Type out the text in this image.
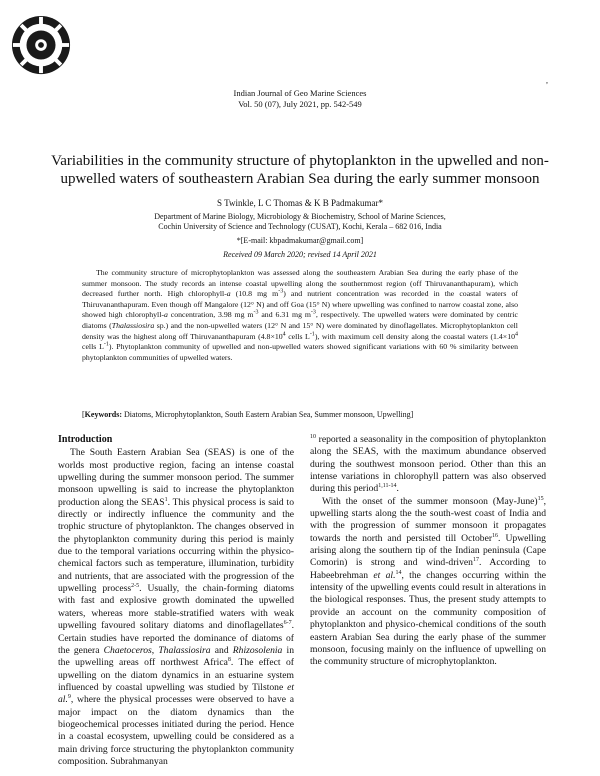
,
Indian Journal of Geo Marine Sciences
Vol. 50 (07), July 2021, pp. 542-549
Variabilities in the community structure of phytoplankton in the upwelled and non-upwelled waters of southeastern Arabian Sea during the early summer monsoon
S Twinkle, L C Thomas & K B Padmakumar*
Department of Marine Biology, Microbiology & Biochemistry, School of Marine Sciences,
Cochin University of Science and Technology (CUSAT), Kochi, Kerala – 682 016, India
*[E-mail: kbpadmakumar@gmail.com]
Received 09 March 2020; revised 14 April 2021
The community structure of microphytoplankton was assessed along the southeastern Arabian Sea during the early phase of the summer monsoon. The study records an intense coastal upwelling along the southernmost region (off Thiruvananthapuram), which decreased further north. High chlorophyll-a (10.8 mg $m^{-3}$) and nutrient concentration was recorded in the coastal waters of Thiruvananthapuram. Even though off Mangalore (12° N) and off Goa (15° N) where upwelling was confined to narrow coastal zone, also showed high chlorophyll-a concentration, 3.98 mg $m^{-3}$ and 6.31 mg $m^{-3}$, respectively. The upwelled waters were dominated by centric diatoms (Thalassiosira sp.) and the non-upwelled waters (12° N and 15° N) were dominated by dinoflagellates. Microphytoplankton cell density was the highest along off Thiruvananthapuram ($4.8\times 10^4$ cells $L^{-1}$), with maximum cell density along the coastal waters ($1.4\times 10^4$ cells $L^{-1}$). Phytoplankton community of upwelled and non-upwelled waters showed significant variations with 60 % similarity between phytoplankton communities of upwelled waters.
[Keywords: Diatoms, Microphytoplankton, South Eastern Arabian Sea, Summer monsoon, Upwelling]
Introduction

The South Eastern Arabian Sea (SEAS) is one of the worlds most productive region, facing an intense coastal upwelling during the summer monsoon period. The summer monsoon upwelling is said to increase the phytoplankton production along the SEAS$^1$. This physical process is said to directly or indirectly influence the community and the trophic structure of phytoplankton. The changes observed in the phytoplankton community during this period is mainly due to the temporal variations occurring within the physico-chemical factors such as temperature, illumination, turbidity and nutrients, that are associated with the progression of the upwelling process$^{2-5}$. Usually, the chain-forming diatoms with fast and explosive growth dominated the upwelled waters, whereas more stable-stratified waters with weak upwelling favoured solitary diatoms and dinoflagellates$^{6-7}$. Certain studies have reported the dominance of diatoms of the genera Chaetoceros, Thalassiosira and Rhizosolenia in the upwelling areas off northwest Africa$^8$. The effect of upwelling on the diatom dynamics in an estuarine system influenced by coastal upwelling was studied by Tilstone et al.$^9$, where the physical processes were observed to have a major impact on the diatom dynamics than the biogeochemical processes initiated during the period. Hence in a coastal ecosystem, upwelling could be considered as a main driving force structuring the phytoplankton community composition. Subrahmanyan

$^{10}$ reported a seasonality in the composition of phytoplankton along the SEAS, with the maximum abundance observed during the southwest monsoon period. Other than this an intense variations in chlorophyll pattern was also observed during this period$^{1,11-14}$.

With the onset of the summer monsoon (May-June)$^{15}$, upwelling starts along the the south-west coast of India and with the progression of summer monsoon it propagates towards the north and persisted till October$^{16}$. Upwelling arising along the southern tip of the Indian peninsula (Cape Comorin) is strong and wind-driven$^{17}$. According to Habeebrehman et al.$^{14}$, the changes occurring within the intensity of the upwelling events could result in alterations in the biological responses. Thus, the present study attempts to provide an account on the community composition of phytoplankton and physico-chemical conditions of the south eastern Arabian Sea during the early phase of the summer monsoon, focusing mainly on the influence of upwelling on the community structure of microphytoplankton.
